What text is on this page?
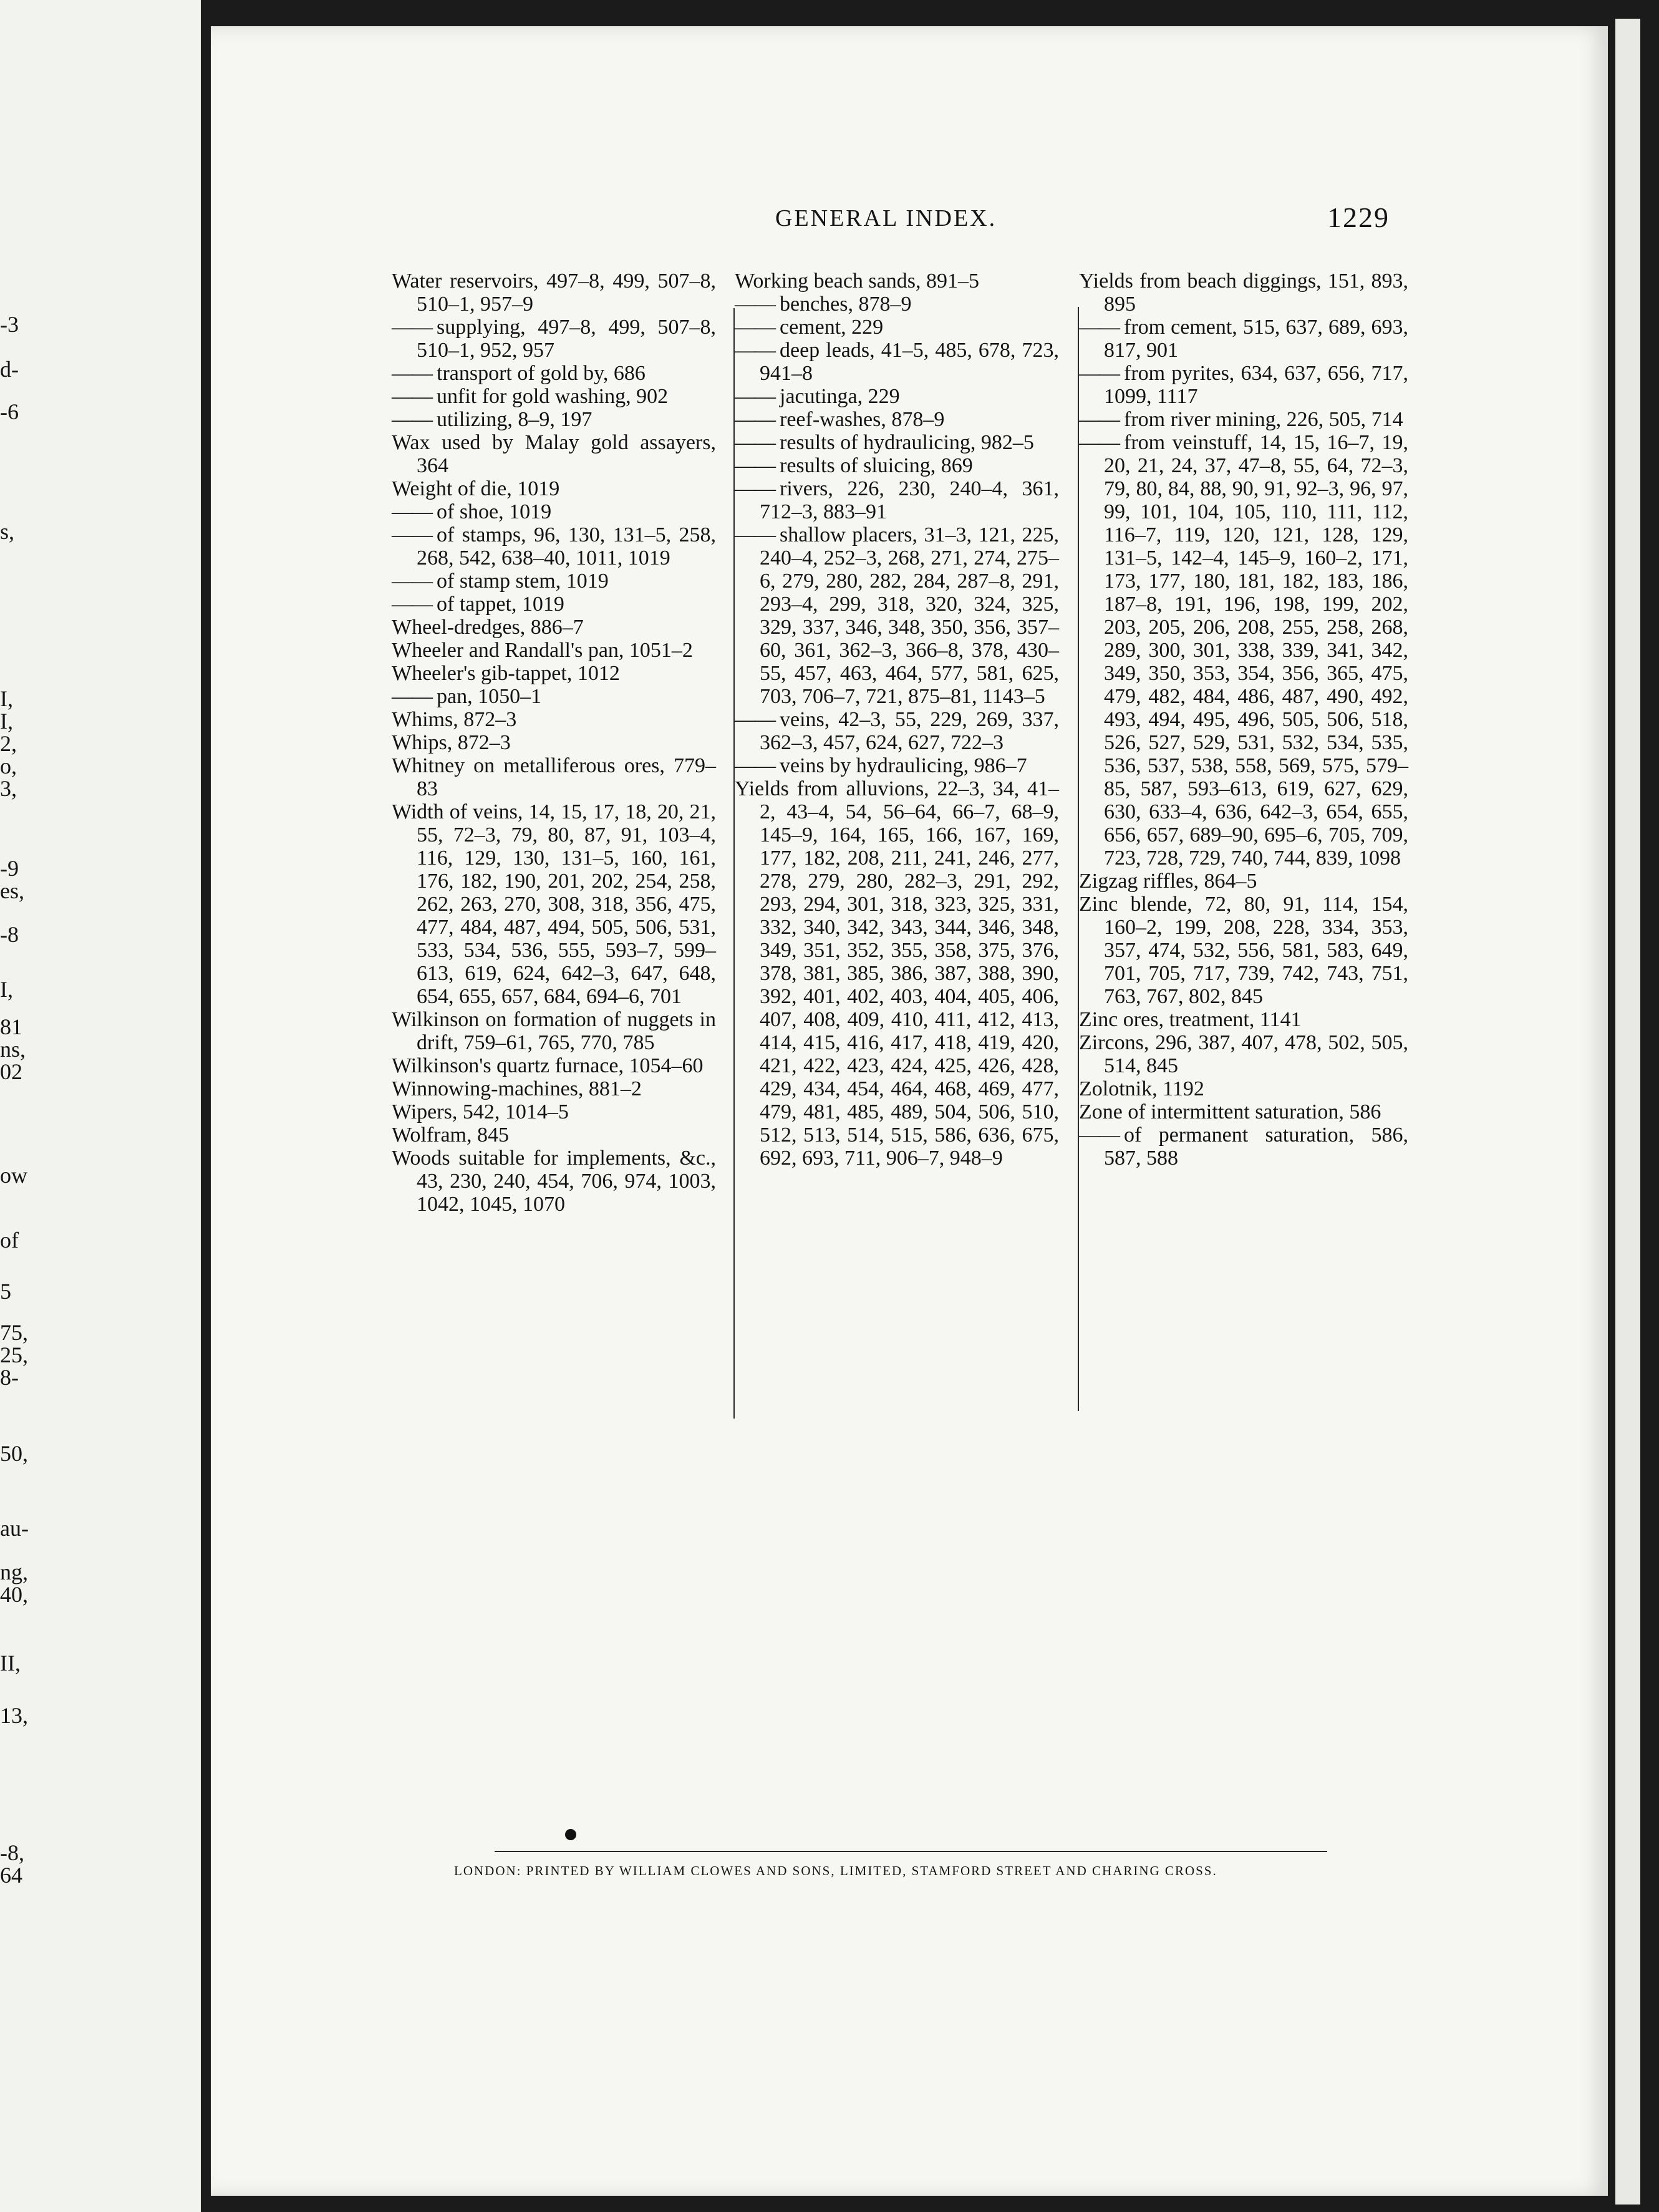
-3
d-
-6
s,
I,
I,
2,
o,
3,
-9
es,
-8
I,
81
ns,
02
ow
of
5
75,
25,
8-
50,
au-
ng,
40,
II,
13,
-8,
64
GENERAL INDEX.	1229
Water reservoirs, 497–8, 499, 507–8, 510–1, 957–9
—— supplying, 497–8, 499, 507–8, 510–1, 952, 957
—— transport of gold by, 686
—— unfit for gold washing, 902
—— utilizing, 8–9, 197
Wax used by Malay gold assayers, 364
Weight of die, 1019
—— of shoe, 1019
—— of stamps, 96, 130, 131–5, 258, 268, 542, 638–40, 1011, 1019
—— of stamp stem, 1019
—— of tappet, 1019
Wheel-dredges, 886–7
Wheeler and Randall's pan, 1051–2
Wheeler's gib-tappet, 1012
—— pan, 1050–1
Whims, 872–3
Whips, 872–3
Whitney on metalliferous ores, 779–83
Width of veins, 14, 15, 17, 18, 20, 21, 55, 72–3, 79, 80, 87, 91, 103–4, 116, 129, 130, 131–5, 160, 161, 176, 182, 190, 201, 202, 254, 258, 262, 263, 270, 308, 318, 356, 475, 477, 484, 487, 494, 505, 506, 531, 533, 534, 536, 555, 593–7, 599–613, 619, 624, 642–3, 647, 648, 654, 655, 657, 684, 694–6, 701
Wilkinson on formation of nuggets in drift, 759–61, 765, 770, 785
Wilkinson's quartz furnace, 1054–60
Winnowing-machines, 881–2
Wipers, 542, 1014–5
Wolfram, 845
Woods suitable for implements, &c., 43, 230, 240, 454, 706, 974, 1003, 1042, 1045, 1070
Working beach sands, 891–5
—— benches, 878–9
—— cement, 229
—— deep leads, 41–5, 485, 678, 723, 941–8
—— jacutinga, 229
—— reef-washes, 878–9
—— results of hydraulicing, 982–5
—— results of sluicing, 869
—— rivers, 226, 230, 240–4, 361, 712–3, 883–91
—— shallow placers, 31–3, 121, 225, 240–4, 252–3, 268, 271, 274, 275–6, 279, 280, 282, 284, 287–8, 291, 293–4, 299, 318, 320, 324, 325, 329, 337, 346, 348, 350, 356, 357–60, 361, 362–3, 366–8, 378, 430–55, 457, 463, 464, 577, 581, 625, 703, 706–7, 721, 875–81, 1143–5
—— veins, 42–3, 55, 229, 269, 337, 362–3, 457, 624, 627, 722–3
—— veins by hydraulicing, 986–7
Yields from alluvions, 22–3, 34, 41–2, 43–4, 54, 56–64, 66–7, 68–9, 145–9, 164, 165, 166, 167, 169, 177, 182, 208, 211, 241, 246, 277, 278, 279, 280, 282–3, 291, 292, 293, 294, 301, 318, 323, 325, 331, 332, 340, 342, 343, 344, 346, 348, 349, 351, 352, 355, 358, 375, 376, 378, 381, 385, 386, 387, 388, 390, 392, 401, 402, 403, 404, 405, 406, 407, 408, 409, 410, 411, 412, 413, 414, 415, 416, 417, 418, 419, 420, 421, 422, 423, 424, 425, 426, 428, 429, 434, 454, 464, 468, 469, 477, 479, 481, 485, 489, 504, 506, 510, 512, 513, 514, 515, 586, 636, 675, 692, 693, 711, 906–7, 948–9
Yields from beach diggings, 151, 893, 895
—— from cement, 515, 637, 689, 693, 817, 901
—— from pyrites, 634, 637, 656, 717, 1099, 1117
—— from river mining, 226, 505, 714
—— from veinstuff, 14, 15, 16–7, 19, 20, 21, 24, 37, 47–8, 55, 64, 72–3, 79, 80, 84, 88, 90, 91, 92–3, 96, 97, 99, 101, 104, 105, 110, 111, 112, 116–7, 119, 120, 121, 128, 129, 131–5, 142–4, 145–9, 160–2, 171, 173, 177, 180, 181, 182, 183, 186, 187–8, 191, 196, 198, 199, 202, 203, 205, 206, 208, 255, 258, 268, 289, 300, 301, 338, 339, 341, 342, 349, 350, 353, 354, 356, 365, 475, 479, 482, 484, 486, 487, 490, 492, 493, 494, 495, 496, 505, 506, 518, 526, 527, 529, 531, 532, 534, 535, 536, 537, 538, 558, 569, 575, 579–85, 587, 593–613, 619, 627, 629, 630, 633–4, 636, 642–3, 654, 655, 656, 657, 689–90, 695–6, 705, 709, 723, 728, 729, 740, 744, 839, 1098
Zigzag riffles, 864–5
Zinc blende, 72, 80, 91, 114, 154, 160–2, 199, 208, 228, 334, 353, 357, 474, 532, 556, 581, 583, 649, 701, 705, 717, 739, 742, 743, 751, 763, 767, 802, 845
Zinc ores, treatment, 1141
Zircons, 296, 387, 407, 478, 502, 505, 514, 845
Zolotnik, 1192
Zone of intermittent saturation, 586
—— of permanent saturation, 586, 587, 588
LONDON: PRINTED BY WILLIAM CLOWES AND SONS, LIMITED, STAMFORD STREET AND CHARING CROSS.
